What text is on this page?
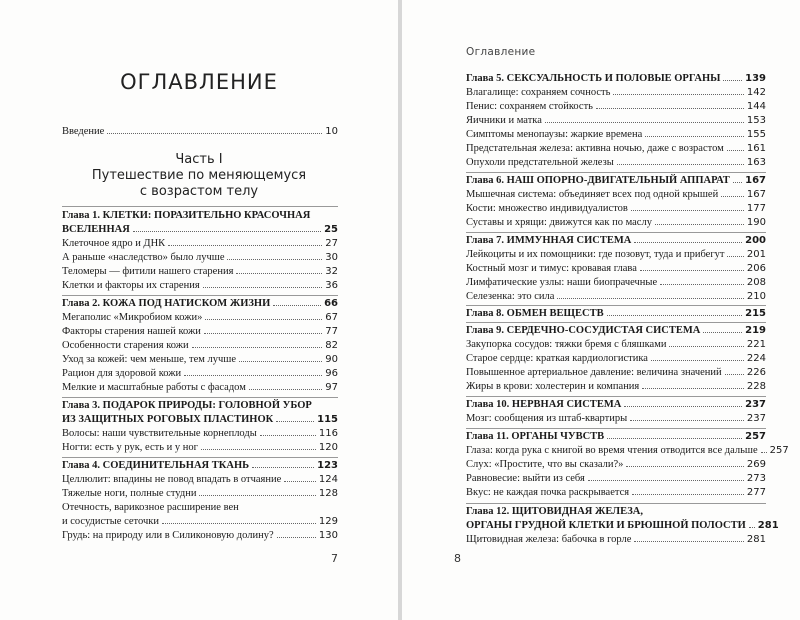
ОГЛАВЛЕНИЕ
Введение	10
Часть I
Путешествие по меняющемуся
с возрастом телу
Глава 1. КЛЕТКИ: ПОРАЗИТЕЛЬНО КРАСОЧНАЯ
ВСЕЛЕННАЯ	25
Клеточное ядро и ДНК	27
А раньше «наследство» было лучше	30
Теломеры — фитили нашего старения	32
Клетки и факторы их старения	36
Глава 2. КОЖА ПОД НАТИСКОМ ЖИЗНИ	66
Мегаполис «Микробиом кожи»	67
Факторы старения нашей кожи	77
Особенности старения кожи	82
Уход за кожей: чем меньше, тем лучше	90
Рацион для здоровой кожи	96
Мелкие и масштабные работы с фасадом	97
Глава 3. ПОДАРОК ПРИРОДЫ: ГОЛОВНОЙ УБОР
ИЗ ЗАЩИТНЫХ РОГОВЫХ ПЛАСТИНОК	115
Волосы: наши чувствительные корнеплоды	116
Ногти: есть у рук, есть и у ног	120
Глава 4. СОЕДИНИТЕЛЬНАЯ ТКАНЬ	123
Целлюлит: впадины не повод впадать в отчаяние	124
Тяжелые ноги, полные студни	128
Отечность, варикозное расширение вен
и сосудистые сеточки	129
Грудь: на природу или в Силиконовую долину?	130
7
Оглавление
Глава 5. СЕКСУАЛЬНОСТЬ И ПОЛОВЫЕ ОРГАНЫ 139
Влагалище: сохраняем сочность	142
Пенис: сохраняем стойкость	144
Яичники и матка	153
Симптомы менопаузы: жаркие времена	155
Предстательная железа: активна ночью, даже с возрастом 161
Опухоли предстательной железы	163
Глава 6. НАШ ОПОРНО-ДВИГАТЕЛЬНЫЙ АППАРАТ 167
Мышечная система: объединяет всех под одной крышей	167
Кости: множество индивидуалистов	177
Суставы и хрящи: движутся как по маслу	190
Глава 7. ИММУННАЯ СИСТЕМА	200
Лейкоциты и их помощники: где позовут, туда и прибегут 201
Костный мозг и тимус: кровавая глава	206
Лимфатические узлы: наши биопрачечные	208
Селезенка: это сила	210
Глава 8. ОБМЕН ВЕЩЕСТВ	215
Глава 9. СЕРДЕЧНО-СОСУДИСТАЯ СИСТЕМА	219
Закупорка сосудов: тяжки бремя с бляшками	221
Старое сердце: краткая кардиологистика	224
Повышенное артериальное давление: величина значений	226
Жиры в крови: холестерин и компания	228
Глава 10. НЕРВНАЯ СИСТЕМА	237
Мозг: сообщения из штаб-квартиры	237
Глава 11. ОРГАНЫ ЧУВСТВ	257
Глаза: когда рука с книгой во время чтения отводится все дальше 257
Слух: «Простите, что вы сказали?»	269
Равновесие: выйти из себя	273
Вкус: не каждая почка раскрывается	277
Глава 12. ЩИТОВИДНАЯ ЖЕЛЕЗА,
ОРГАНЫ ГРУДНОЙ КЛЕТКИ И БРЮШНОЙ ПОЛОСТИ 281
Щитовидная железа: бабочка в горле	281
8
